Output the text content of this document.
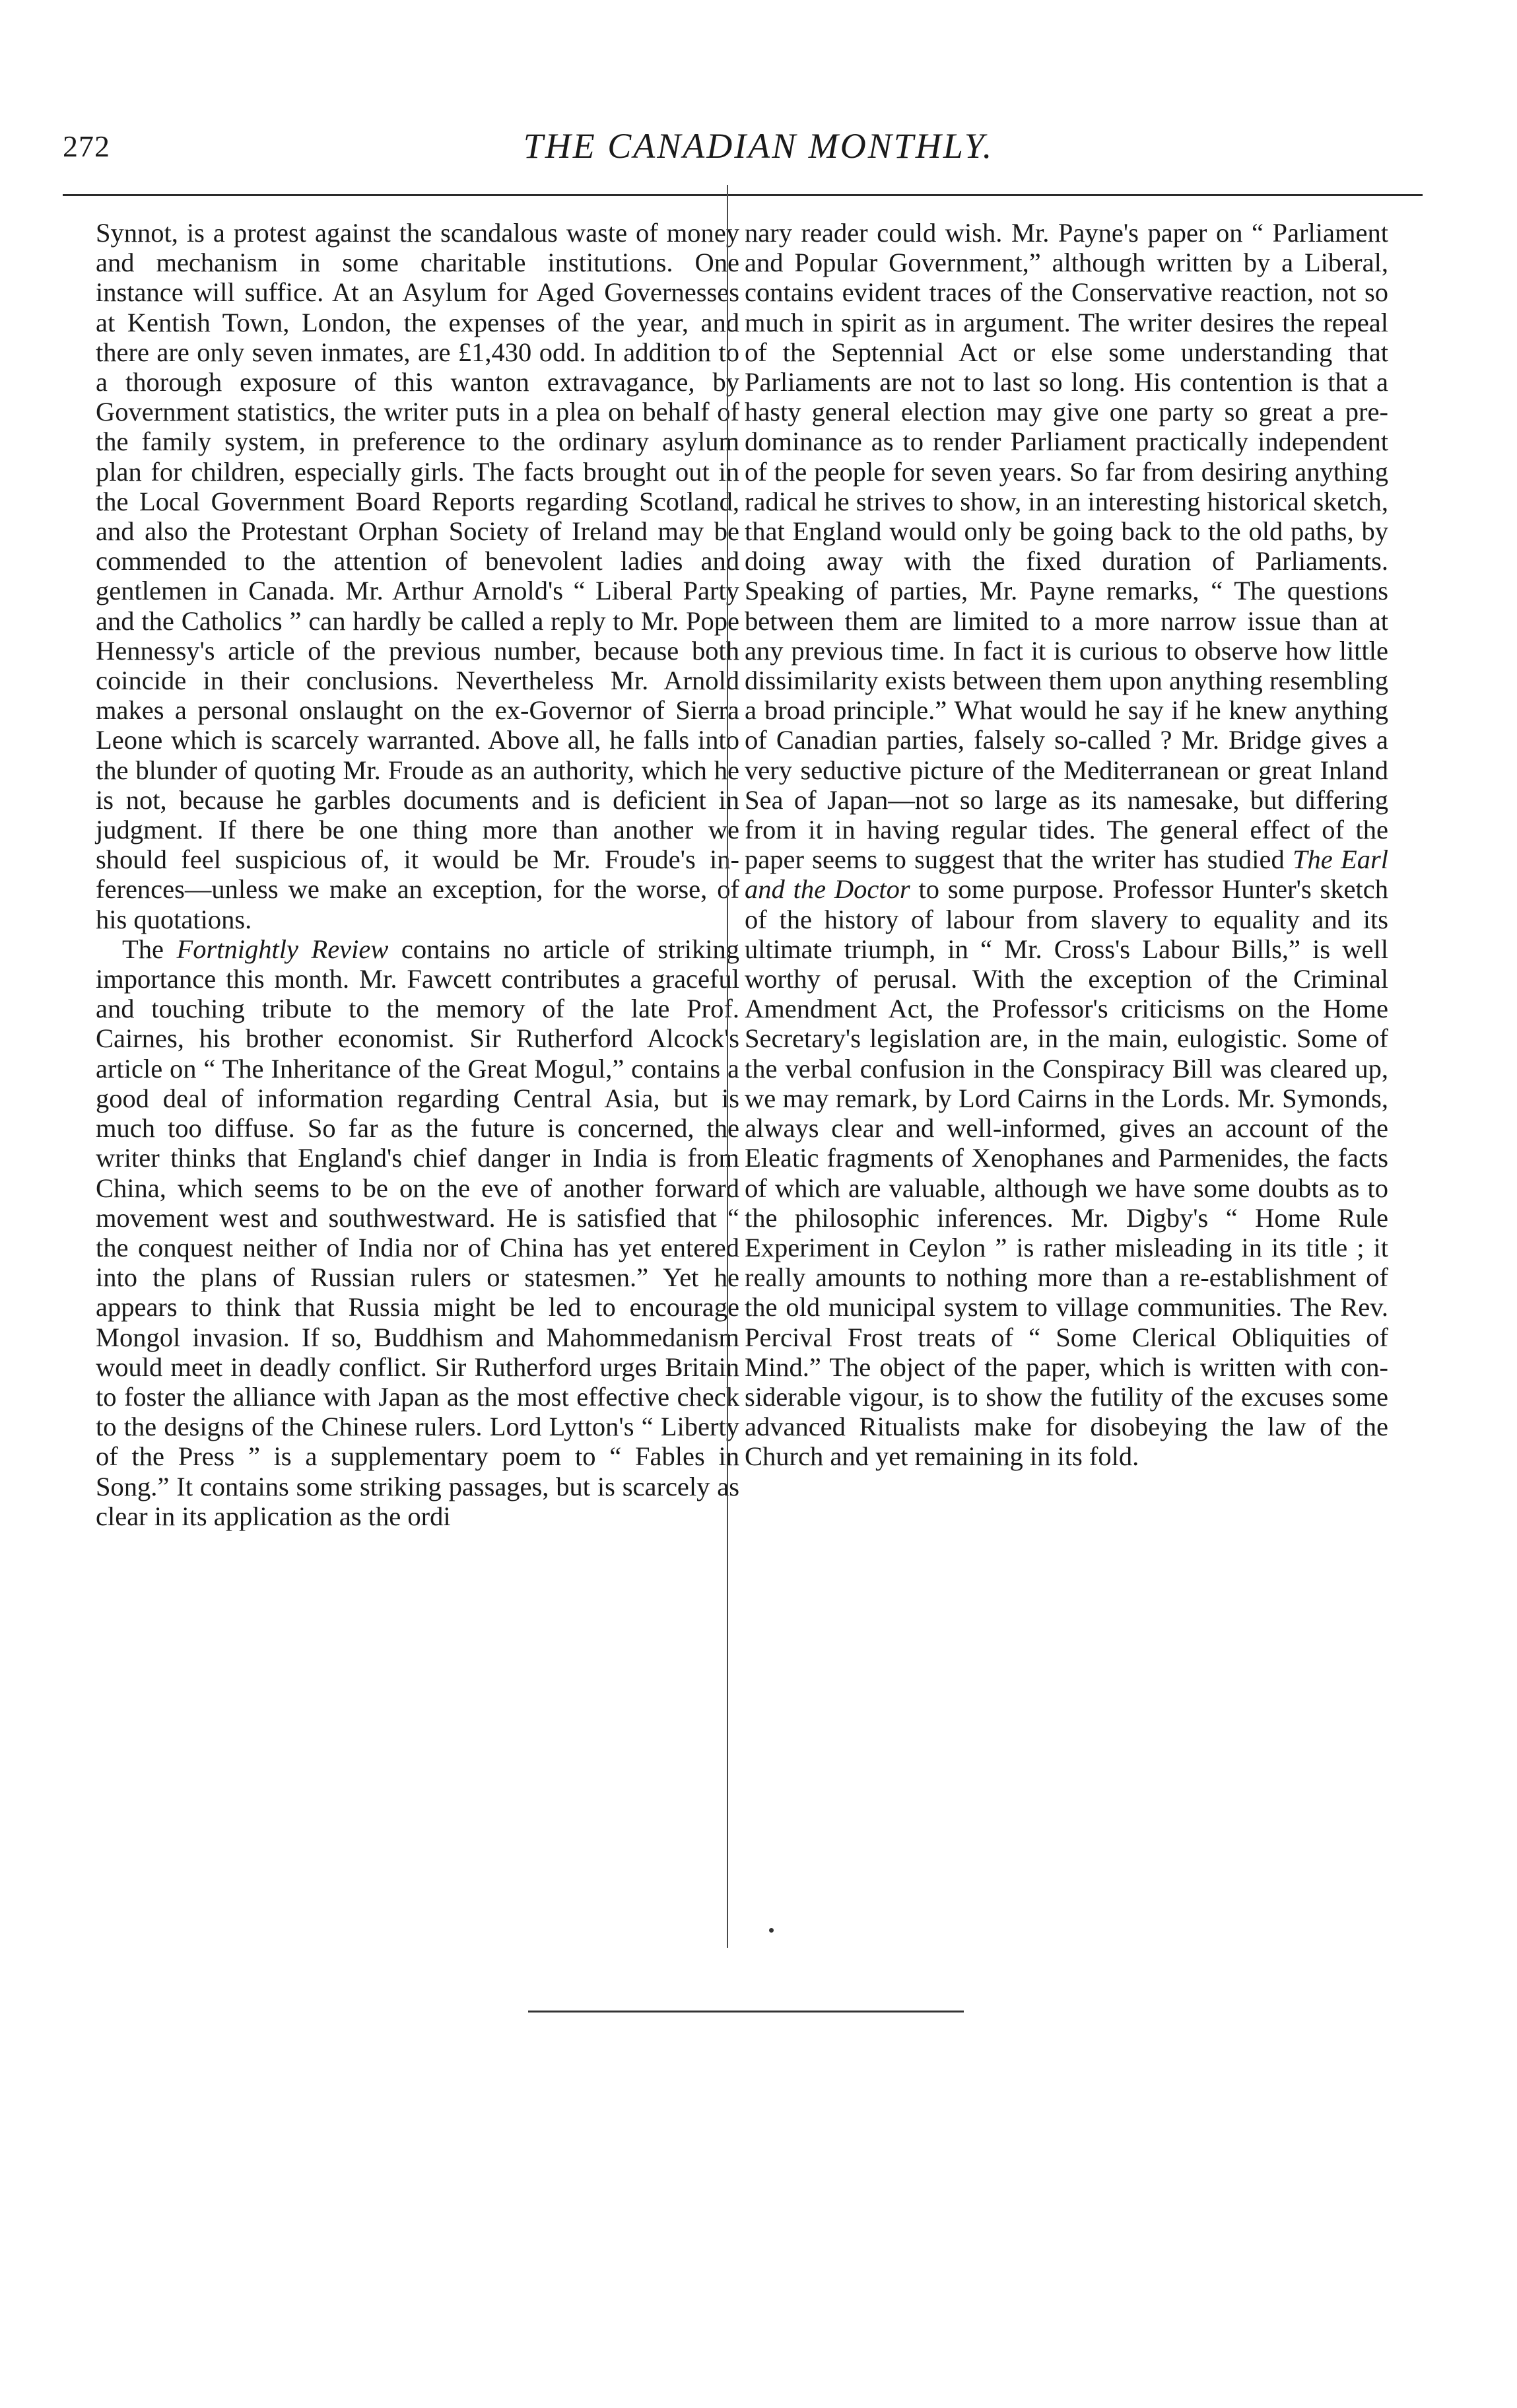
272	THE CANADIAN MONTHLY.

Synnot, is a protest against the scandalous waste of money and mechanism in some charitable institutions. One instance will suffice. At an Asylum for Aged Governesses at Kentish Town, London, the expenses of the year, and there are only seven inmates, are £1,430 odd. In addition to a thorough exposure of this wanton extravagance, by Government statistics, the writer puts in a plea on behalf of the family system, in preference to the ordinary asylum plan for children, especially girls. The facts brought out in the Local Government Board Reports regarding Scotland, and also the Protestant Orphan Society of Ireland may be commended to the attention of benevolent ladies and gentlemen in Canada. Mr. Arthur Arnold's “ Liberal Party and the Catholics ” can hardly be called a reply to Mr. Pope Hennessy's article of the previous number, because both coincide in their conclusions. Nevertheless Mr. Arnold makes a personal onslaught on the ex-Governor of Sierra Leone which is scarcely warranted. Above all, he falls into the blunder of quoting Mr. Froude as an authority, which he is not, because he garbles documents and is deficient in judgment. If there be one thing more than another we should feel suspicious of, it would be Mr. Froude's inferences—unless we make an exception, for the worse, of his quotations.

The Fortnightly Review contains no article of striking importance this month. Mr. Fawcett contributes a graceful and touching tribute to the memory of the late Prof. Cairnes, his brother economist. Sir Rutherford Alcock's article on “ The Inheritance of the Great Mogul,” contains a good deal of information regarding Central Asia, but is much too diffuse. So far as the future is concerned, the writer thinks that England's chief danger in India is from China, which seems to be on the eve of another forward movement west and southwestward. He is satisfied that “ the conquest neither of India nor of China has yet entered into the plans of Russian rulers or statesmen.” Yet he appears to think that Russia might be led to encourage Mongol invasion. If so, Buddhism and Mahommedanism would meet in deadly conflict. Sir Rutherford urges Britain to foster the alliance with Japan as the most effective check to the designs of the Chinese rulers. Lord Lytton's “ Liberty of the Press ” is a supplementary poem to “ Fables in Song.” It contains some striking passages, but is scarcely as clear in its application as the ordi

nary reader could wish. Mr. Payne's paper on “ Parliament and Popular Government,” although written by a Liberal, contains evident traces of the Conservative reaction, not so much in spirit as in argument. The writer desires the repeal of the Septennial Act or else some understanding that Parliaments are not to last so long. His contention is that a hasty general election may give one party so great a predominance as to render Parliament practically independent of the people for seven years. So far from desiring anything radical he strives to show, in an interesting historical sketch, that England would only be going back to the old paths, by doing away with the fixed duration of Parliaments. Speaking of parties, Mr. Payne remarks, “ The questions between them are limited to a more narrow issue than at any previous time. In fact it is curious to observe how little dissimilarity exists between them upon anything resembling a broad principle.” What would he say if he knew anything of Canadian parties, falsely so-called ? Mr. Bridge gives a very seductive picture of the Mediterranean or great Inland Sea of Japan—not so large as its namesake, but differing from it in having regular tides. The general effect of the paper seems to suggest that the writer has studied The Earl and the Doctor to some purpose. Professor Hunter's sketch of the history of labour from slavery to equality and its ultimate triumph, in “ Mr. Cross's Labour Bills,” is well worthy of perusal. With the exception of the Criminal Amendment Act, the Professor's criticisms on the Home Secretary's legislation are, in the main, eulogistic. Some of the verbal confusion in the Conspiracy Bill was cleared up, we may remark, by Lord Cairns in the Lords. Mr. Symonds, always clear and well-informed, gives an account of the Eleatic fragments of Xenophanes and Parmenides, the facts of which are valuable, although we have some doubts as to the philosophic inferences. Mr. Digby's “ Home Rule Experiment in Ceylon ” is rather misleading in its title ; it really amounts to nothing more than a re-establishment of the old municipal system to village communities. The Rev. Percival Frost treats of “ Some Clerical Obliquities of Mind.” The object of the paper, which is written with considerable vigour, is to show the futility of the excuses some advanced Ritualists make for disobeying the law of the Church and yet remaining in its fold.
